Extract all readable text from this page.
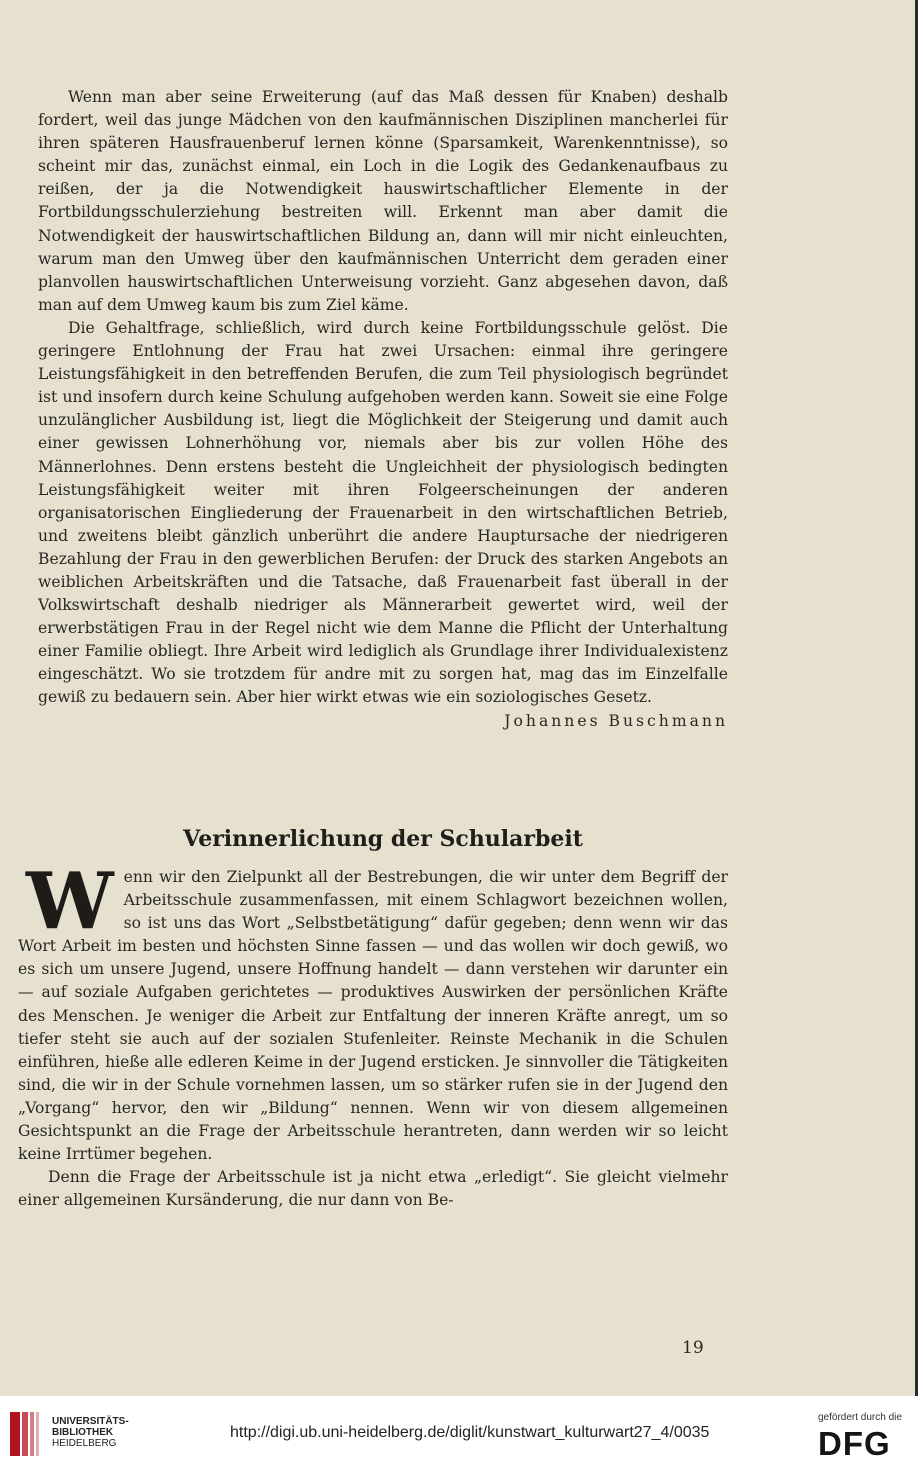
Wenn man aber seine Erweiterung (auf das Maß dessen für Knaben) deshalb fordert, weil das junge Mädchen von den kaufmännischen Disziplinen mancherlei für ihren späteren Hausfrauenberuf lernen könne (Sparsamkeit, Warenkenntnisse), so scheint mir das, zunächst einmal, ein Loch in die Logik des Gedankenaufbaus zu reißen, der ja die Notwendigkeit hauswirtschaftlicher Elemente in der Fortbildungsschulerziehung bestreiten will. Erkennt man aber damit die Notwendigkeit der hauswirtschaftlichen Bildung an, dann will mir nicht einleuchten, warum man den Umweg über den kaufmännischen Unterricht dem geraden einer planvollen hauswirtschaftlichen Unterweisung vorzieht. Ganz abgesehen davon, daß man auf dem Umweg kaum bis zum Ziel käme.

Die Gehaltfrage, schließlich, wird durch keine Fortbildungsschule gelöst. Die geringere Entlohnung der Frau hat zwei Ursachen: einmal ihre geringere Leistungsfähigkeit in den betreffenden Berufen, die zum Teil physiologisch begründet ist und insofern durch keine Schulung aufgehoben werden kann. Soweit sie eine Folge unzulänglicher Ausbildung ist, liegt die Möglichkeit der Steigerung und damit auch einer gewissen Lohnerhöhung vor, niemals aber bis zur vollen Höhe des Männerlohnes. Denn erstens besteht die Ungleichheit der physiologisch bedingten Leistungsfähigkeit weiter mit ihren Folgeerscheinungen der anderen organisatorischen Eingliederung der Frauenarbeit in den wirtschaftlichen Betrieb, und zweitens bleibt gänzlich unberührt die andere Hauptursache der niedrigeren Bezahlung der Frau in den gewerblichen Berufen: der Druck des starken Angebots an weiblichen Arbeitskräften und die Tatsache, daß Frauenarbeit fast überall in der Volkswirtschaft deshalb niedriger als Männerarbeit gewertet wird, weil der erwerbstätigen Frau in der Regel nicht wie dem Manne die Pflicht der Unterhaltung einer Familie obliegt. Ihre Arbeit wird lediglich als Grundlage ihrer Individualexistenz eingeschätzt. Wo sie trotzdem für andre mit zu sorgen hat, mag das im Einzelfalle gewiß zu bedauern sein. Aber hier wirkt etwas wie ein soziologisches Gesetz.

Johannes Buschmann
Verinnerlichung der Schularbeit

Wenn wir den Zielpunkt all der Bestrebungen, die wir unter dem Begriff der Arbeitsschule zusammenfassen, mit einem Schlagwort bezeichnen wollen, so ist uns das Wort „Selbstbetätigung“ dafür gegeben; denn wenn wir das Wort Arbeit im besten und höchsten Sinne fassen — und das wollen wir doch gewiß, wo es sich um unsere Jugend, unsere Hoffnung handelt — dann verstehen wir darunter ein — auf soziale Aufgaben gerichtetes — produktives Auswirken der persönlichen Kräfte des Menschen. Je weniger die Arbeit zur Entfaltung der inneren Kräfte anregt, um so tiefer steht sie auch auf der sozialen Stufenleiter. Reinste Mechanik in die Schulen einführen, hieße alle edleren Keime in der Jugend ersticken. Je sinnvoller die Tätigkeiten sind, die wir in der Schule vornehmen lassen, um so stärker rufen sie in der Jugend den „Vorgang“ hervor, den wir „Bildung“ nennen. Wenn wir von diesem allgemeinen Gesichtspunkt an die Frage der Arbeitsschule herantreten, dann werden wir so leicht keine Irrtümer begehen.

Denn die Frage der Arbeitsschule ist ja nicht etwa „erledigt“. Sie gleicht vielmehr einer allgemeinen Kursänderung, die nur dann von Be-

19
UNIVERSITÄTS-
BIBLIOTHEK
HEIDELBERG
http://digi.ub.uni-heidelberg.de/diglit/kunstwart_kulturwart27_4/0035
gefördert durch die
DFG
